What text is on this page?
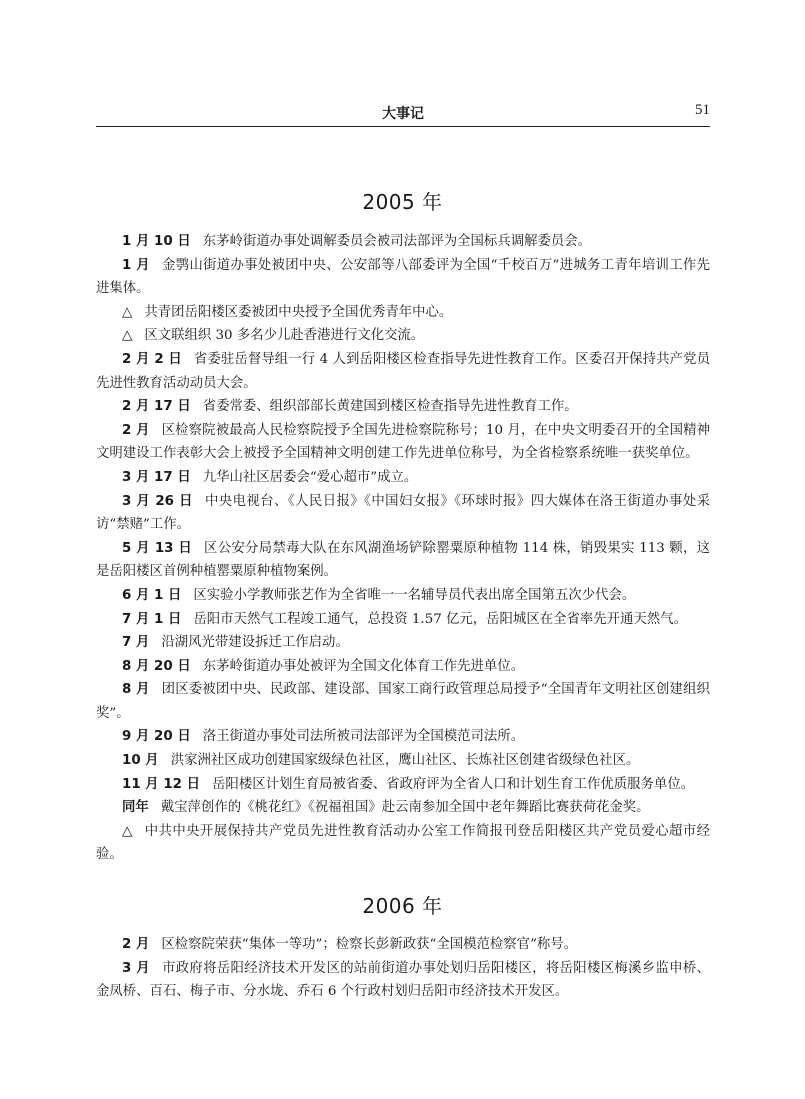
大事记	51
2005 年

1 月 10 日 东茅岭街道办事处调解委员会被司法部评为全国标兵调解委员会。

1 月 金鹗山街道办事处被团中央、公安部等八部委评为全国“千校百万”进城务工青年培训工作先进集体。

△ 共青团岳阳楼区委被团中央授予全国优秀青年中心。

△ 区文联组织 30 多名少儿赴香港进行文化交流。

2 月 2 日 省委驻岳督导组一行 4 人到岳阳楼区检查指导先进性教育工作。区委召开保持共产党员先进性教育活动动员大会。

2 月 17 日 省委常委、组织部部长黄建国到楼区检查指导先进性教育工作。

2 月 区检察院被最高人民检察院授予全国先进检察院称号；10 月，在中央文明委召开的全国精神文明建设工作表彰大会上被授予全国精神文明创建工作先进单位称号，为全省检察系统唯一获奖单位。

3 月 17 日 九华山社区居委会“爱心超市”成立。

3 月 26 日 中央电视台、《人民日报》《中国妇女报》《环球时报》四大媒体在洛王街道办事处采访“禁赌”工作。

5 月 13 日 区公安分局禁毒大队在东风湖渔场铲除罂粟原种植物 114 株，销毁果实 113 颗，这是岳阳楼区首例种植罂粟原种植物案例。

6 月 1 日 区实验小学教师张艺作为全省唯一一名辅导员代表出席全国第五次少代会。

7 月 1 日 岳阳市天然气工程竣工通气，总投资 1.57 亿元，岳阳城区在全省率先开通天然气。

7 月 沿湖风光带建设拆迁工作启动。

8 月 20 日 东茅岭街道办事处被评为全国文化体育工作先进单位。

8 月 团区委被团中央、民政部、建设部、国家工商行政管理总局授予“全国青年文明社区创建组织奖”。

9 月 20 日 洛王街道办事处司法所被司法部评为全国模范司法所。

10 月 洪家洲社区成功创建国家级绿色社区，鹰山社区、长炼社区创建省级绿色社区。

11 月 12 日 岳阳楼区计划生育局被省委、省政府评为全省人口和计划生育工作优质服务单位。

同年 戴宝萍创作的《桃花红》《祝福祖国》赴云南参加全国中老年舞蹈比赛获荷花金奖。

△ 中共中央开展保持共产党员先进性教育活动办公室工作简报刊登岳阳楼区共产党员爱心超市经验。

2006 年

2 月 区检察院荣获“集体一等功”；检察长彭新政获“全国模范检察官”称号。

3 月 市政府将岳阳经济技术开发区的站前街道办事处划归岳阳楼区，将岳阳楼区梅溪乡监申桥、金凤桥、百石、梅子市、分水垅、乔石 6 个行政村划归岳阳市经济技术开发区。
